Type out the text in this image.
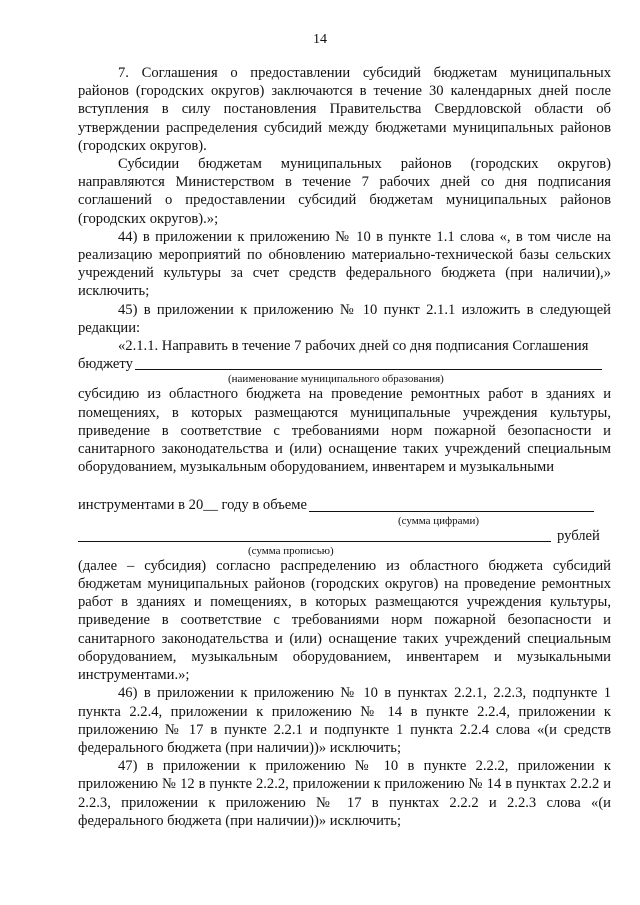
14

7. Соглашения о предоставлении субсидий бюджетам муниципальных районов (городских округов) заключаются в течение 30 календарных дней после вступления в силу постановления Правительства Свердловской области об утверждении распределения субсидий между бюджетами муниципальных районов (городских округов).

Субсидии бюджетам муниципальных районов (городских округов) направляются Министерством в течение 7 рабочих дней со дня подписания соглашений о предоставлении субсидий бюджетам муниципальных районов (городских округов).»;

44) в приложении к приложению № 10 в пункте 1.1 слова «, в том числе на реализацию мероприятий по обновлению материально-технической базы сельских учреждений культуры за счет средств федерального бюджета (при наличии),» исключить;

45) в приложении к приложению № 10 пункт 2.1.1 изложить в следующей редакции:

«2.1.1. Направить в течение 7 рабочих дней со дня подписания Соглашения

бюджету
(наименование муниципального образования)

субсидию из областного бюджета на проведение ремонтных работ в зданиях и помещениях, в которых размещаются муниципальные учреждения культуры, приведение в соответствие с требованиями норм пожарной безопасности и санитарного законодательства и (или) оснащение таких учреждений специальным оборудованием, музыкальным оборудованием, инвентарем и музыкальными

инструментами в 20__ году в объеме
(сумма цифрами)
рублей
(сумма прописью)

(далее – субсидия) согласно распределению из областного бюджета субсидий бюджетам муниципальных районов (городских округов) на проведение ремонтных работ в зданиях и помещениях, в которых размещаются учреждения культуры, приведение в соответствие с требованиями норм пожарной безопасности и санитарного законодательства и (или) оснащение таких учреждений специальным оборудованием, музыкальным оборудованием, инвентарем и музыкальными инструментами.»;

46) в приложении к приложению № 10 в пунктах 2.2.1, 2.2.3, подпункте 1 пункта 2.2.4, приложении к приложению № 14 в пункте 2.2.4, приложении к приложению № 17 в пункте 2.2.1 и подпункте 1 пункта 2.2.4 слова «(и средств федерального бюджета (при наличии))» исключить;

47) в приложении к приложению № 10 в пункте 2.2.2, приложении к приложению № 12 в пункте 2.2.2, приложении к приложению № 14 в пунктах 2.2.2 и 2.2.3, приложении к приложению № 17 в пунктах 2.2.2 и 2.2.3 слова «(и федерального бюджета (при наличии))» исключить;
